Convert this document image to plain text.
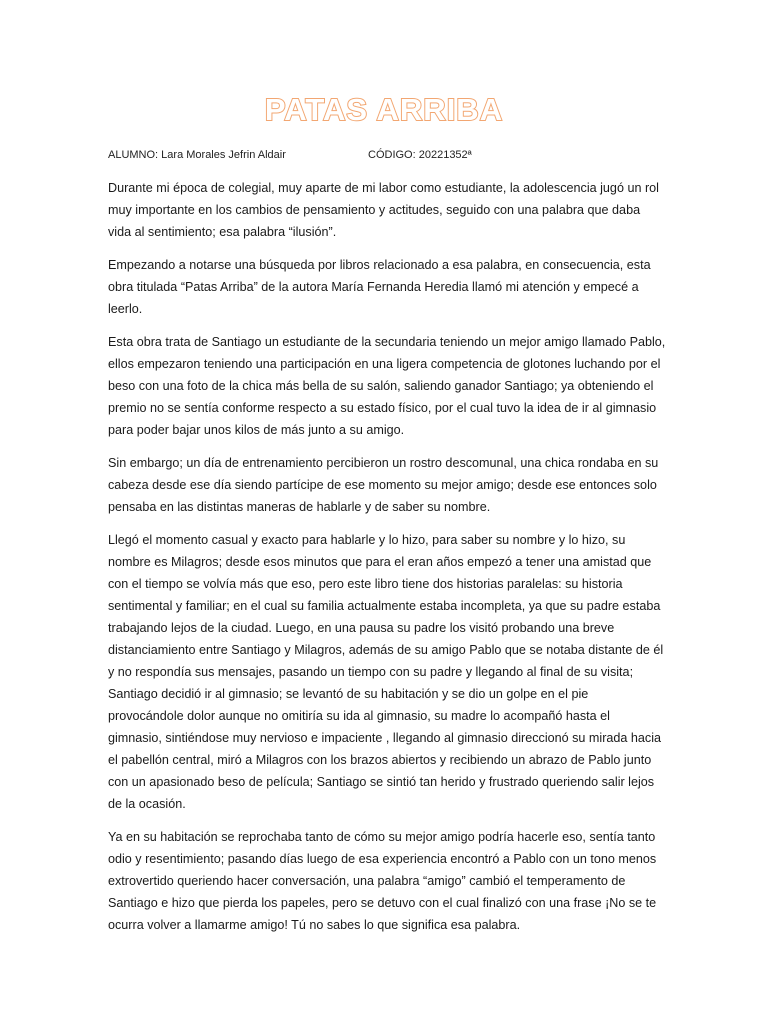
PATAS ARRIBA
ALUMNO: Lara Morales Jefrin Aldair	CÓDIGO: 20221352ª

Durante mi época de colegial, muy aparte de mi labor como estudiante, la adolescencia jugó un rol muy importante en los cambios de pensamiento y actitudes, seguido con una palabra que daba vida al sentimiento; esa palabra “ilusión”.

Empezando a notarse una búsqueda por libros relacionado a esa palabra, en consecuencia, esta obra titulada “Patas Arriba” de la autora María Fernanda Heredia llamó mi atención y empecé a leerlo.

Esta obra trata de Santiago un estudiante de la secundaria teniendo un mejor amigo llamado Pablo, ellos empezaron teniendo una participación en una ligera competencia de glotones luchando por el beso con una foto de la chica más bella de su salón, saliendo ganador Santiago; ya obteniendo el premio no se sentía conforme respecto a su estado físico, por el cual tuvo la idea de ir al gimnasio para poder bajar unos kilos de más junto a su amigo.

Sin embargo; un día de entrenamiento percibieron un rostro descomunal, una chica rondaba en su cabeza desde ese día siendo partícipe de ese momento su mejor amigo; desde ese entonces solo pensaba en las distintas maneras de hablarle y de saber su nombre.

Llegó el momento casual y exacto para hablarle y lo hizo, para saber su nombre y lo hizo, su nombre es Milagros; desde esos minutos que para el eran años empezó a tener una amistad que con el tiempo se volvía más que eso, pero este libro tiene dos historias paralelas: su historia sentimental y familiar; en el cual su familia actualmente estaba incompleta, ya que su padre estaba trabajando lejos de la ciudad. Luego, en una pausa su padre los visitó probando una breve distanciamiento entre Santiago y Milagros, además de su amigo Pablo que se notaba distante de él y no respondía sus mensajes, pasando un tiempo con su padre y llegando al final de su visita; Santiago decidió ir al gimnasio; se levantó de su habitación y se dio un golpe en el pie provocándole dolor aunque no omitiría su ida al gimnasio, su madre lo acompañó hasta el gimnasio, sintiéndose muy nervioso e impaciente , llegando al gimnasio direccionó su mirada hacia el pabellón central, miró a Milagros con los brazos abiertos y recibiendo un abrazo de Pablo junto con un apasionado beso de película; Santiago se sintió tan herido y frustrado queriendo salir lejos de la ocasión.

Ya en su habitación se reprochaba tanto de cómo su mejor amigo podría hacerle eso, sentía tanto odio y resentimiento; pasando días luego de esa experiencia encontró a Pablo con un tono menos extrovertido queriendo hacer conversación, una palabra “amigo” cambió el temperamento de Santiago e hizo que pierda los papeles, pero se detuvo con el cual finalizó con una frase ¡No se te ocurra volver a llamarme amigo! Tú no sabes lo que significa esa palabra.
